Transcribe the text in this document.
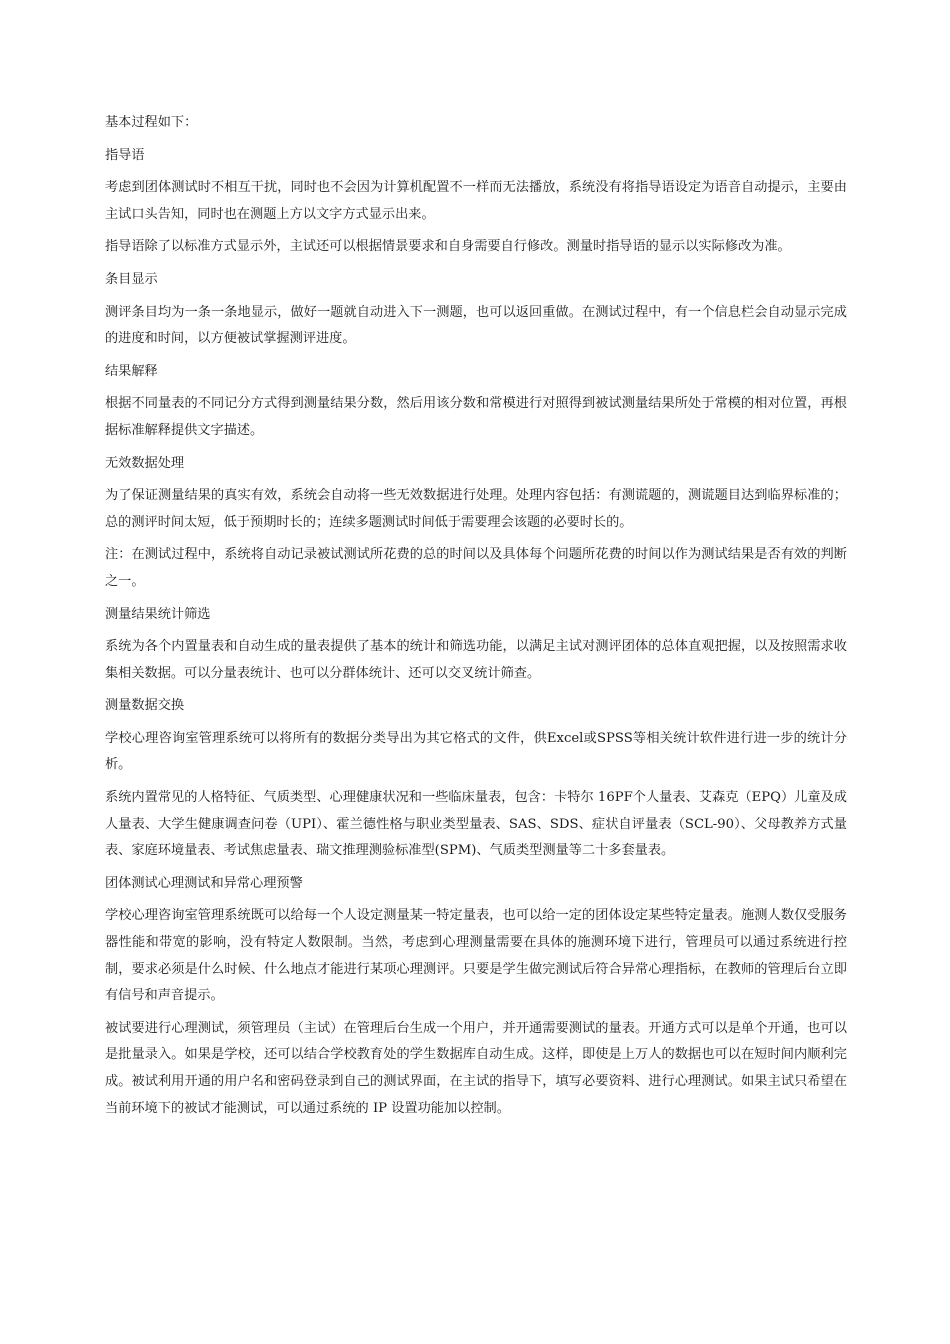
基本过程如下：

指导语

考虑到团体测试时不相互干扰，同时也不会因为计算机配置不一样而无法播放，系统没有将指导语设定为语音自动提示，主要由主试口头告知，同时也在测题上方以文字方式显示出来。

指导语除了以标准方式显示外，主试还可以根据情景要求和自身需要自行修改。测量时指导语的显示以实际修改为准。

条目显示

测评条目均为一条一条地显示，做好一题就自动进入下一测题，也可以返回重做。在测试过程中，有一个信息栏会自动显示完成的进度和时间，以方便被试掌握测评进度。

结果解释

根据不同量表的不同记分方式得到测量结果分数，然后用该分数和常模进行对照得到被试测量结果所处于常模的相对位置，再根据标准解释提供文字描述。

无效数据处理

为了保证测量结果的真实有效，系统会自动将一些无效数据进行处理。处理内容包括：有测谎题的，测谎题目达到临界标准的；总的测评时间太短，低于预期时长的；连续多题测试时间低于需要理会该题的必要时长的。

注：在测试过程中，系统将自动记录被试测试所花费的总的时间以及具体每个问题所花费的时间以作为测试结果是否有效的判断之一。

测量结果统计筛选

系统为各个内置量表和自动生成的量表提供了基本的统计和筛选功能，以满足主试对测评团体的总体直观把握，以及按照需求收集相关数据。可以分量表统计、也可以分群体统计、还可以交叉统计筛查。

测量数据交换

学校心理咨询室管理系统可以将所有的数据分类导出为其它格式的文件，供Excel或SPSS等相关统计软件进行进一步的统计分析。

系统内置常见的人格特征、气质类型、心理健康状况和一些临床量表，包含：卡特尔 16PF个人量表、艾森克（EPQ）儿童及成人量表、大学生健康调查问卷（UPI）、霍兰德性格与职业类型量表、SAS、SDS、症状自评量表（SCL-90）、父母教养方式量表、家庭环境量表、考试焦虑量表、瑞文推理测验标准型(SPM)、气质类型测量等二十多套量表。

团体测试心理测试和异常心理预警

学校心理咨询室管理系统既可以给每一个人设定测量某一特定量表，也可以给一定的团体设定某些特定量表。施测人数仅受服务器性能和带宽的影响，没有特定人数限制。当然，考虑到心理测量需要在具体的施测环境下进行，管理员可以通过系统进行控制，要求必须是什么时候、什么地点才能进行某项心理测评。只要是学生做完测试后符合异常心理指标，在教师的管理后台立即有信号和声音提示。

被试要进行心理测试，须管理员（主试）在管理后台生成一个用户，并开通需要测试的量表。开通方式可以是单个开通，也可以是批量录入。如果是学校，还可以结合学校教育处的学生数据库自动生成。这样，即使是上万人的数据也可以在短时间内顺利完成。被试利用开通的用户名和密码登录到自己的测试界面，在主试的指导下，填写必要资料、进行心理测试。如果主试只希望在当前环境下的被试才能测试，可以通过系统的 IP 设置功能加以控制。
